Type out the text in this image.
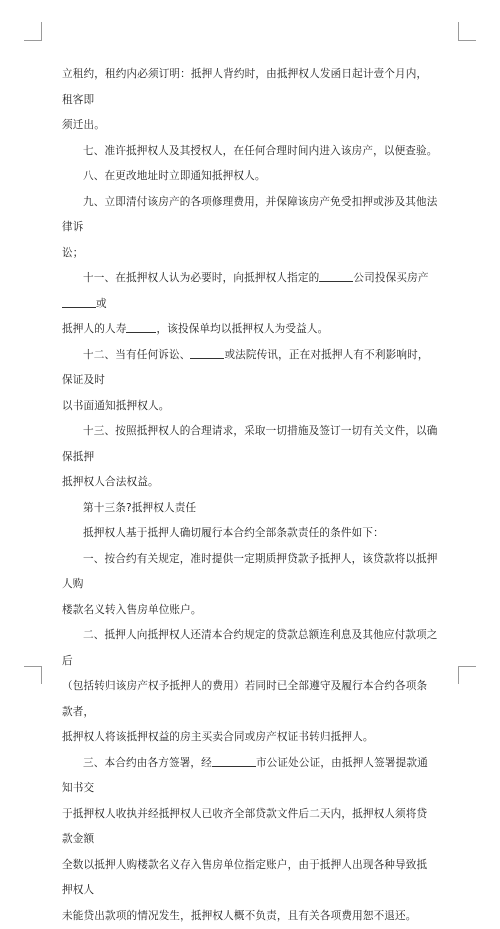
立租约，租约内必须订明：抵押人背约时，由抵押权人发函日起计壹个月内，租客即

须迁出。

七、准许抵押权人及其授权人，在任何合理时间内进入该房产，以便查验。

八、在更改地址时立即通知抵押权人。

九、立即清付该房产的各项修理费用，并保障该房产免受扣押或涉及其他法律诉

讼；

十一、在抵押权人认为必要时，向抵押权人指定的	公司投保买房产或

抵押人的人寿	，该投保单均以抵押权人为受益人。

十二、当有任何诉讼、	或法院传讯，正在对抵押人有不利影响时，保证及时

以书面通知抵押权人。

十三、按照抵押权人的合理请求，采取一切措施及签订一切有关文件，以确保抵押

抵押权人合法权益。

第十三条?抵押权人责任

抵押权人基于抵押人确切履行本合约全部条款责任的条件如下：

一、按合约有关规定，准时提供一定期质押贷款予抵押人，该贷款将以抵押人购

楼款名义转入售房单位账户。

二、抵押人向抵押权人还清本合约规定的贷款总额连利息及其他应付款项之后

（包括转归该房产权予抵押人的费用）若同时已全部遵守及履行本合约各项条款者，

抵押权人将该抵押权益的房主买卖合同或房产权证书转归抵押人。

三、本合约由各方签署，经	市公证处公证，由抵押人签署提款通知书交

于抵押权人收执并经抵押权人已收齐全部贷款文件后二天内，抵押权人须将贷款金额

全数以抵押人购楼款名义存入售房单位指定账户，由于抵押人出现各种导致抵押权人

未能贷出款项的情况发生，抵押权人概不负责，且有关各项费用恕不退还。
